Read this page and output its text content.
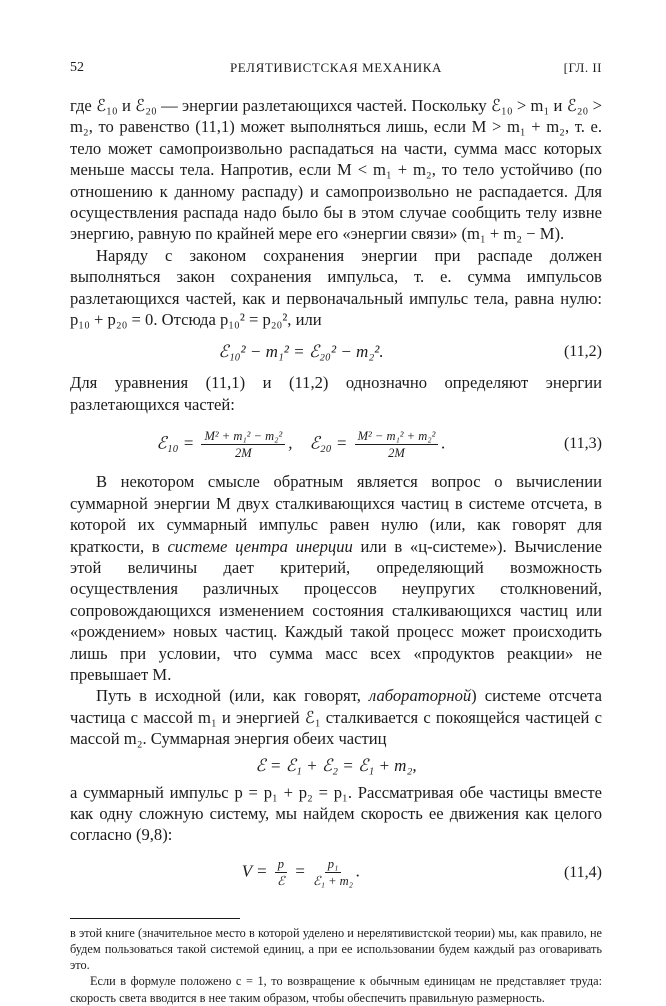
52	РЕЛЯТИВИСТСКАЯ МЕХАНИКА	[ГЛ. II

где ℰ₁₀ и ℰ₂₀ — энергии разлетающихся частей. Поскольку ℰ₁₀ > m₁ и ℰ₂₀ > m₂, то равенство (11,1) может выполняться лишь, если M > m₁ + m₂, т. е. тело может самопроизвольно распадаться на части, сумма масс которых меньше массы тела. Напротив, если M < m₁ + m₂, то тело устойчиво (по отношению к данному распаду) и самопроизвольно не распадается. Для осуществления распада надо было бы в этом случае сообщить телу извне энергию, равную по крайней мере его «энергии связи» (m₁ + m₂ − M).

Наряду с законом сохранения энергии при распаде должен выполняться закон сохранения импульса, т. е. сумма импульсов разлетающихся частей, как и первоначальный импульс тела, равна нулю: p₁₀ + p₂₀ = 0. Отсюда p₁₀² = p₂₀², или

ℰ₁₀² − m₁² = ℰ₂₀² − m₂².	(11,2)

Для уравнения (11,1) и (11,2) однозначно определяют энергии разлетающихся частей:

ℰ₁₀ = $\frac{\text{M² + m₁² − m₂²}}{2M}$ ,    ℰ₂₀ = $\frac{\text{M² − m₁² + m₂²}}{2M}$ .	(11,3)

В некотором смысле обратным является вопрос о вычислении суммарной энергии M двух сталкивающихся частиц в системе отсчета, в которой их суммарный импульс равен нулю (или, как говорят для краткости, в системе центра инерции или в «ц-системе»). Вычисление этой величины дает критерий, определяющий возможность осуществления различных процессов неупругих столкновений, сопровождающихся изменением состояния сталкивающихся частиц или «рождением» новых частиц. Каждый такой процесс может происходить лишь при условии, что сумма масс всех «продуктов реакции» не превышает M.

Путь в исходной (или, как говорят, лабораторной) системе отсчета частица с массой m₁ и энергией ℰ₁ сталкивается с покоящейся частицей с массой m₂. Суммарная энергия обеих частиц

ℰ = ℰ₁ + ℰ₂ = ℰ₁ + m₂,

а суммарный импульс p = p₁ + p₂ = p₁. Рассматривая обе частицы вместе как одну сложную систему, мы найдем скорость ее движения как целого согласно (9,8):

$V = \frac{p}{\text{ℰ}} = \frac{\text{p₁}}{\text{ℰ₁ + m₂}}$ .	(11,4)

в этой книге (значительное место в которой уделено и нерелятивистской теории) мы, как правило, не будем пользоваться такой системой единиц, а при ее использовании будем каждый раз оговаривать это.

Если в формуле положено c = 1, то возвращение к обычным единицам не представляет труда: скорость света вводится в нее таким образом, чтобы обеспечить правильную размерность.
